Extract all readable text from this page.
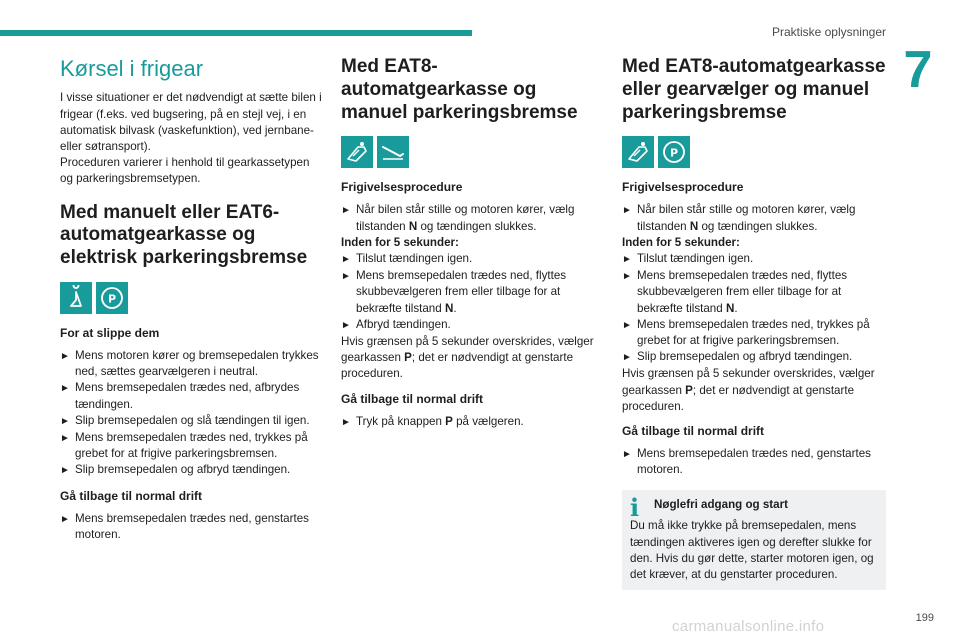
Praktiske oplysninger
7
Kørsel i frigear

I visse situationer er det nødvendigt at sætte bilen i frigear (f.eks. ved bugsering, på en stejl vej, i en automatisk bilvask (vaskefunktion), ved jernbane- eller søtransport).

Proceduren varierer i henhold til gearkassetypen og parkeringsbremsetypen.

Med manuelt eller EAT6-automatgearkasse og elektrisk parkeringsbremse
P
For at slippe dem
► Mens motoren kører og bremsepedalen trykkes ned, sættes gearvælgeren i neutral.
► Mens bremsepedalen trædes ned, afbrydes tændingen.
► Slip bremsepedalen og slå tændingen til igen.
► Mens bremsepedalen trædes ned, trykkes på grebet for at frigive parkeringsbremsen.
► Slip bremsepedalen og afbryd tændingen.
Gå tilbage til normal drift
► Mens bremsepedalen trædes ned, genstartes motoren.
Med EAT8-automatgearkasse og manuel parkeringsbremse
Frigivelsesprocedure
► Når bilen står stille og motoren kører, vælg tilstanden N og tændingen slukkes.
Inden for 5 sekunder:
► Tilslut tændingen igen.
► Mens bremsepedalen trædes ned, flyttes skubbevælgeren frem eller tilbage for at bekræfte tilstand N.
► Afbryd tændingen.

Hvis grænsen på 5 sekunder overskrides, vælger gearkassen P; det er nødvendigt at genstarte proceduren.

Gå tilbage til normal drift
► Tryk på knappen P på vælgeren.
Med EAT8-automatgearkasse eller gearvælger og manuel parkeringsbremse
P
Frigivelsesprocedure
► Når bilen står stille og motoren kører, vælg tilstanden N og tændingen slukkes.
Inden for 5 sekunder:
► Tilslut tændingen igen.
► Mens bremsepedalen trædes ned, flyttes skubbevælgeren frem eller tilbage for at bekræfte tilstand N.
► Mens bremsepedalen trædes ned, trykkes på grebet for at frigive parkeringsbremsen.
► Slip bremsepedalen og afbryd tændingen.

Hvis grænsen på 5 sekunder overskrides, vælger gearkassen P; det er nødvendigt at genstarte proceduren.

Gå tilbage til normal drift
► Mens bremsepedalen trædes ned, genstartes motoren.
i	Nøglefri adgang og start
Du må ikke trykke på bremsepedalen, mens tændingen aktiveres igen og derefter slukke for den. Hvis du gør dette, starter motoren igen, og det kræver, at du genstarter proceduren.
199
carmanualsonline.info
